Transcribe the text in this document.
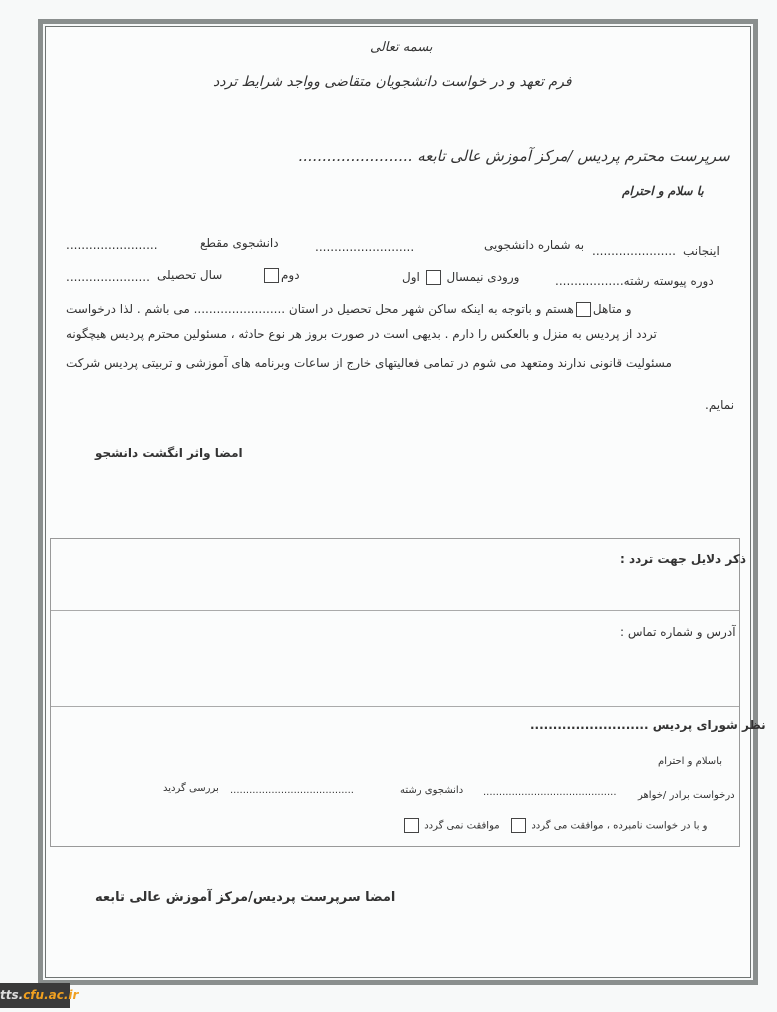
بسمه تعالی
فرم تعهد و در خواست دانشجویان متقاضی وواجد شرایط تردد
سرپرست محترم پردیس /مرکز آموزش عالی تابعه ........................
با سلام و احترام
اینجانب
......................
به شماره دانشجویی
..........................
دانشجوی مقطع
........................
دوره پیوسته رشته..................
ورودی نیمسال  اول
دوم
سال تحصیلی
......................
و متاهلهستم و باتوجه به اینکه ساکن شهر محل تحصیل در استان ........................ می باشم . لذا درخواست
تردد از پردیس به منزل و بالعکس را دارم . بدیهی است در صورت بروز هر نوع حادثه ، مسئولین محترم پردیس هیچگونه
مسئولیت قانونی ندارند ومتعهد می شوم در تمامی فعالیتهای خارج از ساعات وبرنامه های آموزشی و تربیتی پردیس شرکت
نمایم.
امضا واثر انگشت دانشجو
ذکر دلایل جهت تردد :
آدرس و شماره تماس :
نظر شورای پردیس ..........................
باسلام و احترام
درخواست برادر /خواهر
..........................................
دانشجوی رشته
.......................................
بررسی گردید
و با در خواست نامبرده ، موافقت می گردد    موافقت نمی گردد
امضا سرپرست پردیس/مرکز آموزش عالی تابعه
tts.cfu.ac.ir
